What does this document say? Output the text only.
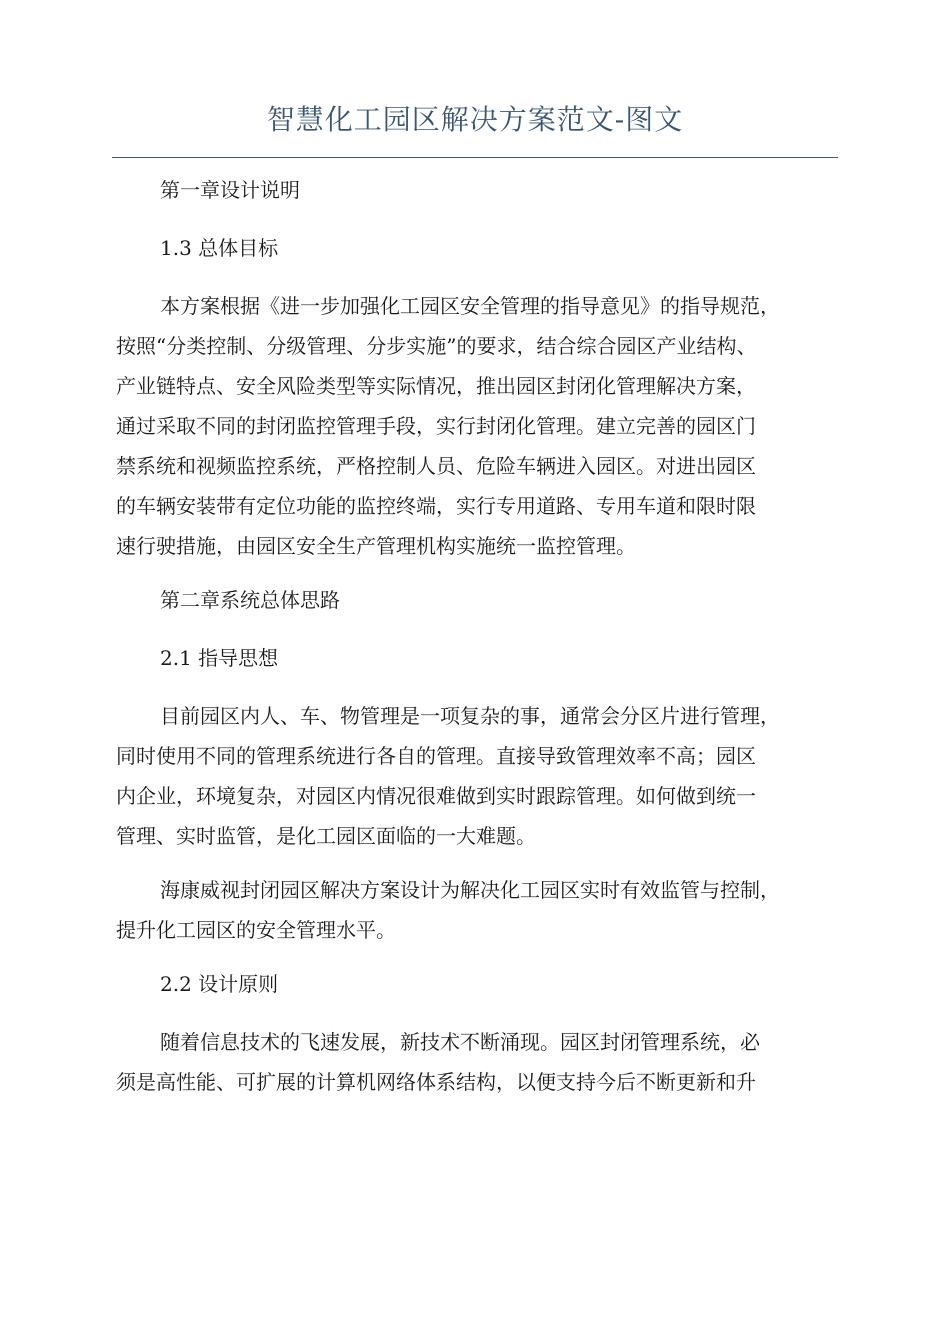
智慧化工园区解决方案范文-图文

第一章设计说明

1.3 总体目标

本方案根据《进一步加强化工园区安全管理的指导意见》的指导规范，
按照“分类控制、分级管理、分步实施”的要求，结合综合园区产业结构、
产业链特点、安全风险类型等实际情况，推出园区封闭化管理解决方案，
通过采取不同的封闭监控管理手段，实行封闭化管理。建立完善的园区门
禁系统和视频监控系统，严格控制人员、危险车辆进入园区。对进出园区
的车辆安装带有定位功能的监控终端，实行专用道路、专用车道和限时限
速行驶措施，由园区安全生产管理机构实施统一监控管理。

第二章系统总体思路

2.1 指导思想

目前园区内人、车、物管理是一项复杂的事，通常会分区片进行管理，
同时使用不同的管理系统进行各自的管理。直接导致管理效率不高；园区
内企业，环境复杂，对园区内情况很难做到实时跟踪管理。如何做到统一
管理、实时监管，是化工园区面临的一大难题。

海康威视封闭园区解决方案设计为解决化工园区实时有效监管与控制，
提升化工园区的安全管理水平。

2.2 设计原则

随着信息技术的飞速发展，新技术不断涌现。园区封闭管理系统，必
须是高性能、可扩展的计算机网络体系结构，以便支持今后不断更新和升
